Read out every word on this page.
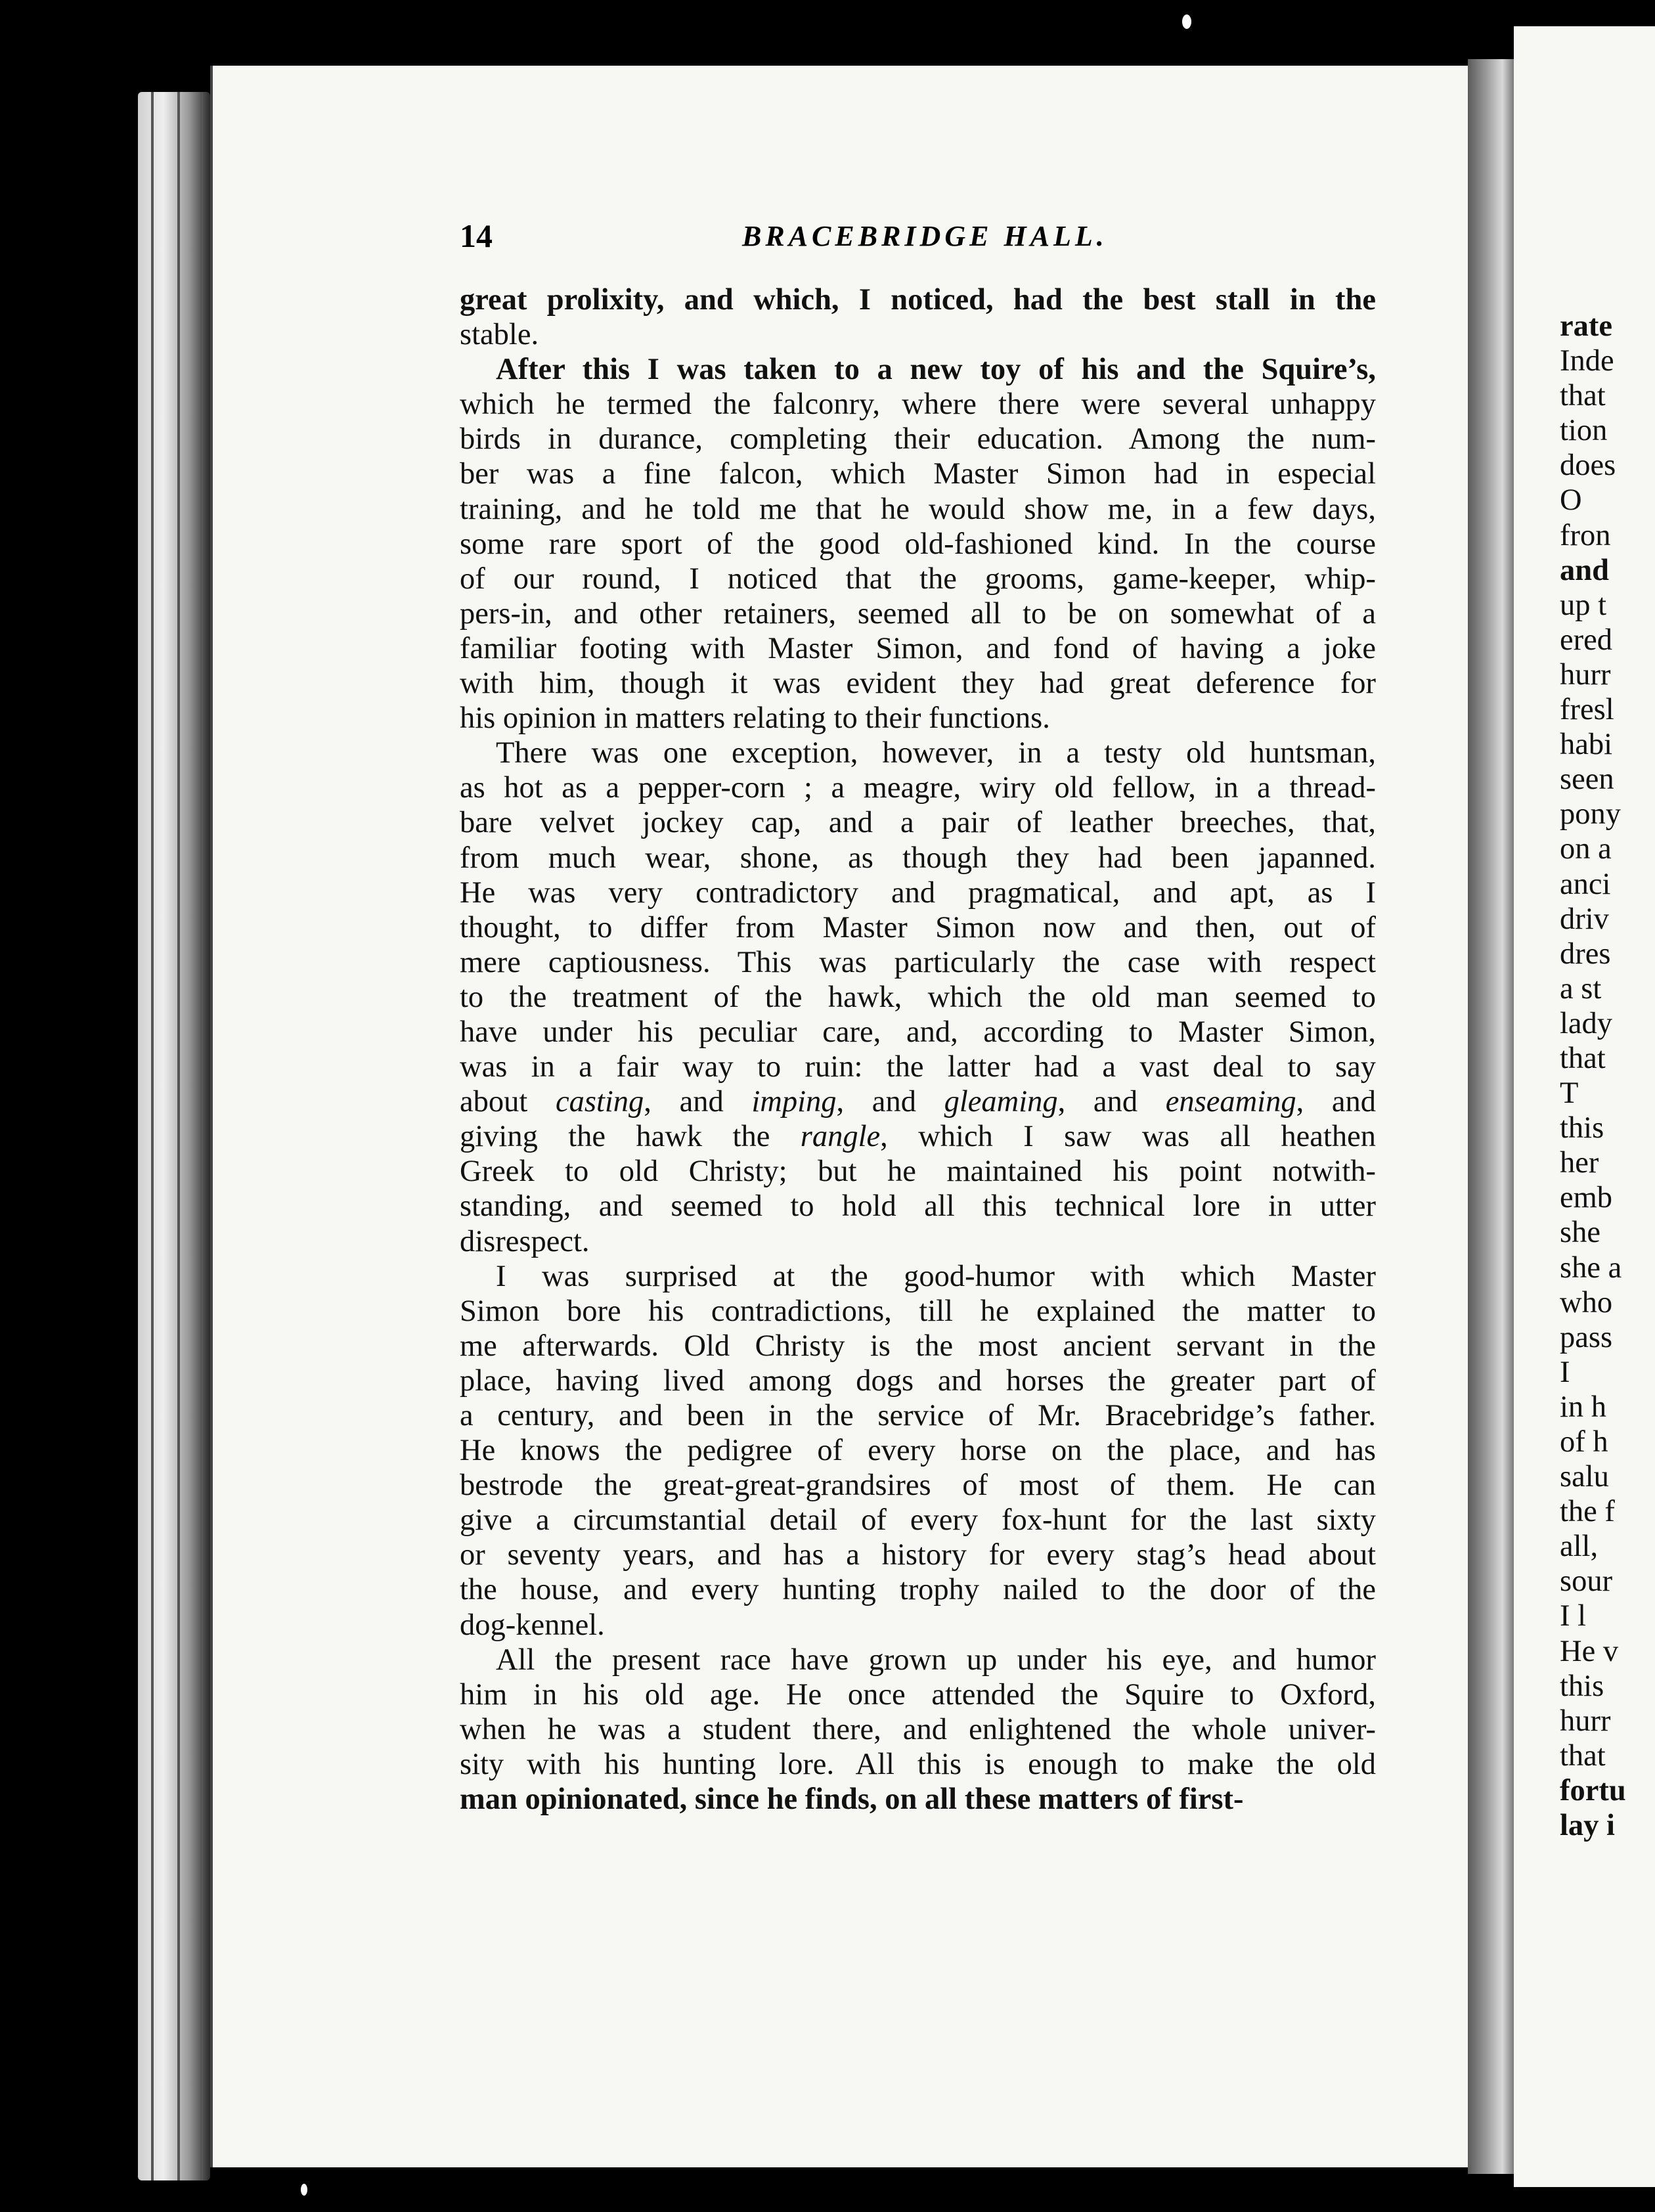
rate
Inde
that
tion
does
O
fron
and
up t
ered
hurr
fresl
habi
seen
pony
on a
anci
driv
dres
a st
lady
that
T
this
her
emb
she
she a
who
pass
I
in h
of h
salu
the f
all,
sour
I l
He v
this
hurr
that
fortu
lay i
14	BRACEBRIDGE HALL.
great prolixity, and which, I noticed, had the best stall in the
stable.
After this I was taken to a new toy of his and the Squire’s,
which he termed the falconry, where there were several unhappy
birds in durance, completing their education. Among the num-
ber was a fine falcon, which Master Simon had in especial
training, and he told me that he would show me, in a few days,
some rare sport of the good old-fashioned kind. In the course
of our round, I noticed that the grooms, game-keeper, whip-
pers-in, and other retainers, seemed all to be on somewhat of a
familiar footing with Master Simon, and fond of having a joke
with him, though it was evident they had great deference for
his opinion in matters relating to their functions.
There was one exception, however, in a testy old huntsman,
as hot as a pepper-corn ; a meagre, wiry old fellow, in a thread-
bare velvet jockey cap, and a pair of leather breeches, that,
from much wear, shone, as though they had been japanned.
He was very contradictory and pragmatical, and apt, as I
thought, to differ from Master Simon now and then, out of
mere captiousness. This was particularly the case with respect
to the treatment of the hawk, which the old man seemed to
have under his peculiar care, and, according to Master Simon,
was in a fair way to ruin: the latter had a vast deal to say
about casting, and imping, and gleaming, and enseaming, and
giving the hawk the rangle, which I saw was all heathen
Greek to old Christy; but he maintained his point notwith-
standing, and seemed to hold all this technical lore in utter
disrespect.
I was surprised at the good-humor with which Master
Simon bore his contradictions, till he explained the matter to
me afterwards. Old Christy is the most ancient servant in the
place, having lived among dogs and horses the greater part of
a century, and been in the service of Mr. Bracebridge’s father.
He knows the pedigree of every horse on the place, and has
bestrode the great-great-grandsires of most of them. He can
give a circumstantial detail of every fox-hunt for the last sixty
or seventy years, and has a history for every stag’s head about
the house, and every hunting trophy nailed to the door of the
dog-kennel.
All the present race have grown up under his eye, and humor
him in his old age. He once attended the Squire to Oxford,
when he was a student there, and enlightened the whole univer-
sity with his hunting lore. All this is enough to make the old
man opinionated, since he finds, on all these matters of first-
